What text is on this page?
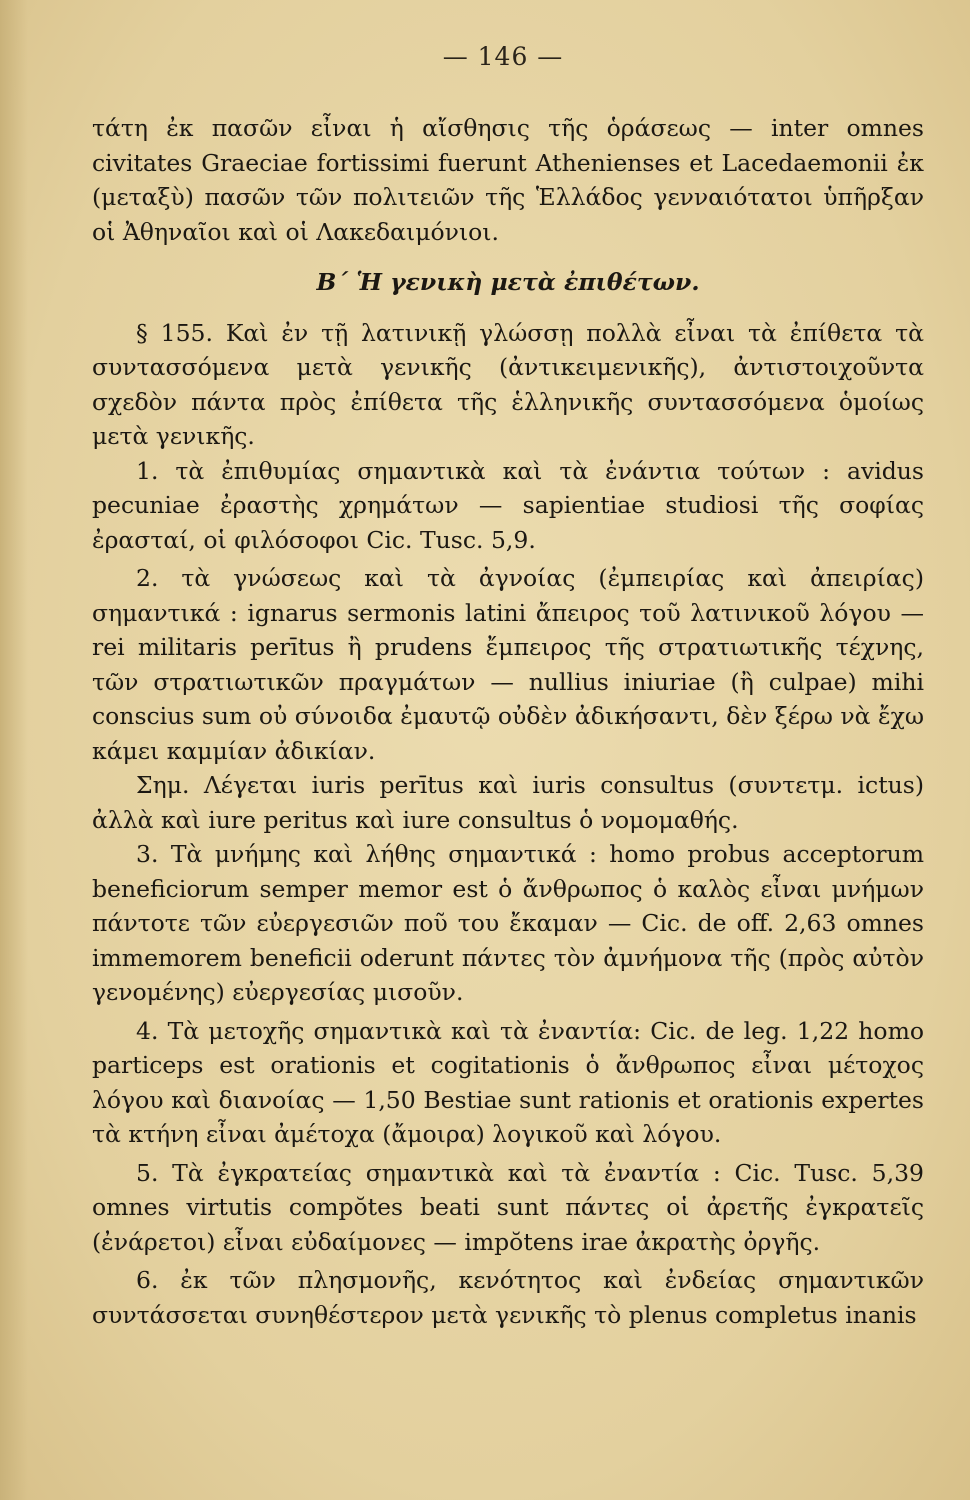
— 146 —

τάτη ἐκ πασῶν εἶναι ἡ αἴσθησις τῆς ὁράσεως — inter omnes civitates Graeciae fortissimi fuerunt Athenienses et Lacedaemonii ἐκ (μεταξὺ) πασῶν τῶν πολιτειῶν τῆς Ἑλλάδος γενναιότατοι ὑπῆρξαν οἱ Ἀθηναῖοι καὶ οἱ Λακεδαιμόνιοι.

Β΄ Ἡ γενικὴ μετὰ ἐπιθέτων.

§ 155. Καὶ ἐν τῇ λατινικῇ γλώσσῃ πολλὰ εἶναι τὰ ἐπίθετα τὰ συντασσόμενα μετὰ γενικῆς (ἀντικειμενικῆς), ἀντιστοιχοῦντα σχεδὸν πάντα πρὸς ἐπίθετα τῆς ἑλληνικῆς συντασσόμενα ὁμοίως μετὰ γενικῆς.

1. τὰ ἐπιθυμίας σημαντικὰ καὶ τὰ ἐνάντια τούτων : avidus pecuniae ἐραστὴς χρημάτων — sapientiae studiosi τῆς σοφίας ἐρασταί, οἱ φιλόσοφοι Cic. Tusc. 5,9.

2. τὰ γνώσεως καὶ τὰ ἀγνοίας (ἐμπειρίας καὶ ἀπειρίας) σημαντικά : ignarus sermonis latini ἄπειρος τοῦ λατινικοῦ λόγου — rei militaris perītus ἢ prudens ἔμπειρος τῆς στρατιωτικῆς τέχνης, τῶν στρατιωτικῶν πραγμάτων — nullius iniuriae (ἢ culpae) mihi conscius sum οὐ σύνοιδα ἐμαυτῷ οὐδὲν ἀδικήσαντι, δὲν ξέρω νὰ ἔχω κάμει καμμίαν ἀδικίαν.

Σημ. Λέγεται iuris perītus καὶ iuris consultus (συντετμ. ictus) ἀλλὰ καὶ iure peritus καὶ iure consultus ὁ νομομαθής.

3. Τὰ μνήμης καὶ λήθης σημαντικά : homo probus acceptorum beneficiorum semper memor est ὁ ἄνθρωπος ὁ καλὸς εἶναι μνήμων πάντοτε τῶν εὐεργεσιῶν ποῦ του ἔκαμαν — Cic. de off. 2,63 omnes immemorem beneficii oderunt πάντες τὸν ἀμνήμονα τῆς (πρὸς αὐτὸν γενομένης) εὐεργεσίας μισοῦν.

4. Τὰ μετοχῆς σημαντικὰ καὶ τὰ ἐναντία: Cic. de leg. 1,22 homo particeps est orationis et cogitationis ὁ ἄνθρωπος εἶναι μέτοχος λόγου καὶ διανοίας — 1,50 Bestiae sunt rationis et orationis expertes τὰ κτήνη εἶναι ἀμέτοχα (ἄμοιρα) λογικοῦ καὶ λόγου.

5. Τὰ ἐγκρατείας σημαντικὰ καὶ τὰ ἐναντία : Cic. Tusc. 5,39 omnes virtutis compŏtes beati sunt πάντες οἱ ἀρετῆς ἐγκρατεῖς (ἐνάρετοι) εἶναι εὐδαίμονες — impŏtens irae ἀκρατὴς ὀργῆς.

6. ἐκ τῶν πλησμονῆς, κενότητος καὶ ἐνδείας σημαντικῶν συντάσσεται συνηθέστερον μετὰ γενικῆς τὸ plenus completus inanis
